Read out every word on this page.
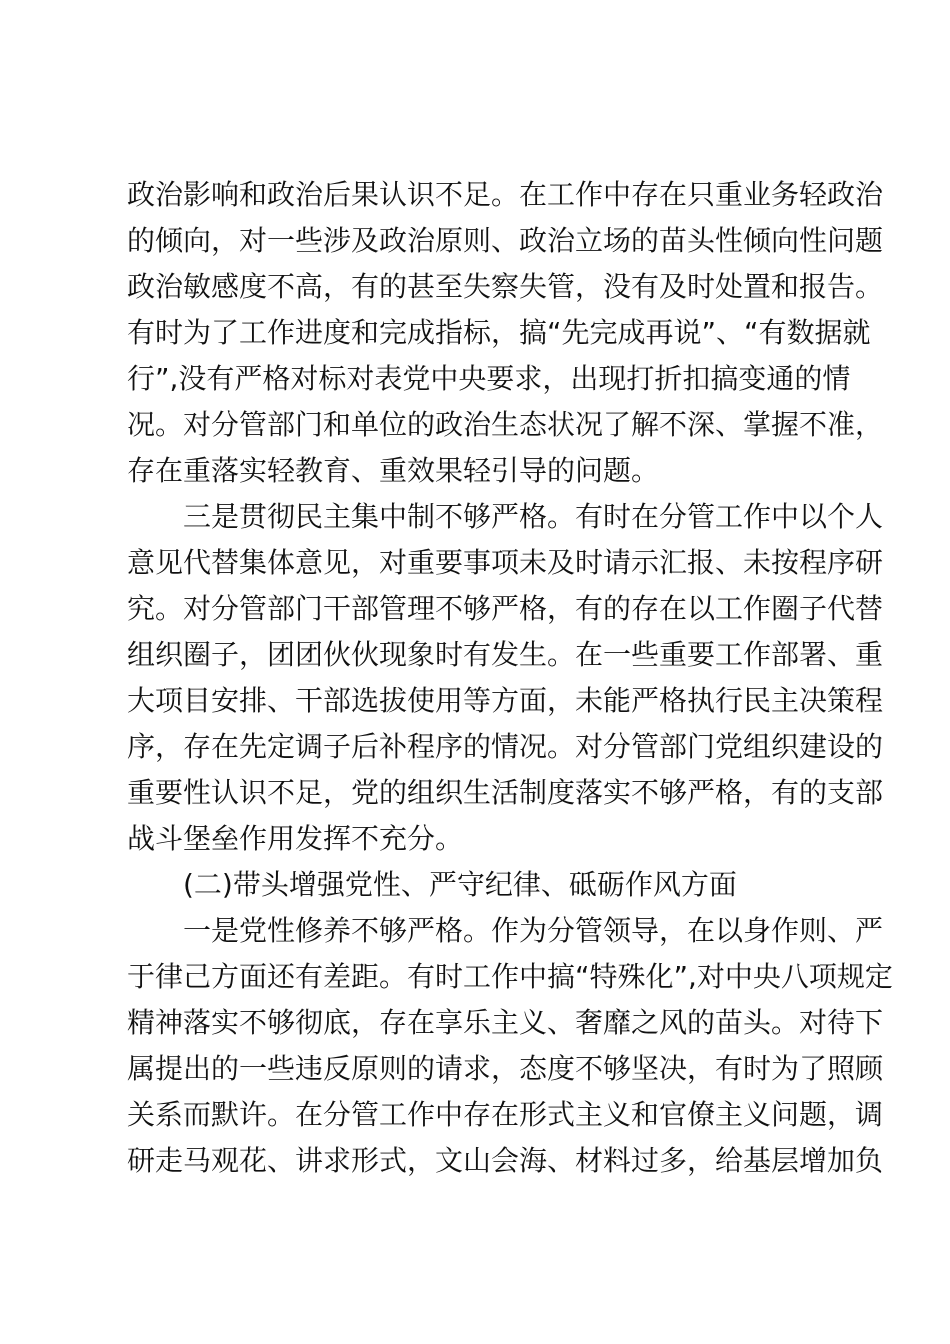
政治影响和政治后果认识不足。在工作中存在只重业务轻政治
的倾向，对一些涉及政治原则、政治立场的苗头性倾向性问题
政治敏感度不高，有的甚至失察失管，没有及时处置和报告。
有时为了工作进度和完成指标，搞“先完成再说”、“有数据就
行”,没有严格对标对表党中央要求，出现打折扣搞变通的情
况。对分管部门和单位的政治生态状况了解不深、掌握不准，
存在重落实轻教育、重效果轻引导的问题。
三是贯彻民主集中制不够严格。有时在分管工作中以个人
意见代替集体意见，对重要事项未及时请示汇报、未按程序研
究。对分管部门干部管理不够严格，有的存在以工作圈子代替
组织圈子，团团伙伙现象时有发生。在一些重要工作部署、重
大项目安排、干部选拔使用等方面，未能严格执行民主决策程
序，存在先定调子后补程序的情况。对分管部门党组织建设的
重要性认识不足，党的组织生活制度落实不够严格，有的支部
战斗堡垒作用发挥不充分。
(二)带头增强党性、严守纪律、砥砺作风方面
一是党性修养不够严格。作为分管领导，在以身作则、严
于律己方面还有差距。有时工作中搞“特殊化”,对中央八项规定
精神落实不够彻底，存在享乐主义、奢靡之风的苗头。对待下
属提出的一些违反原则的请求，态度不够坚决，有时为了照顾
关系而默许。在分管工作中存在形式主义和官僚主义问题，调
研走马观花、讲求形式，文山会海、材料过多，给基层增加负
